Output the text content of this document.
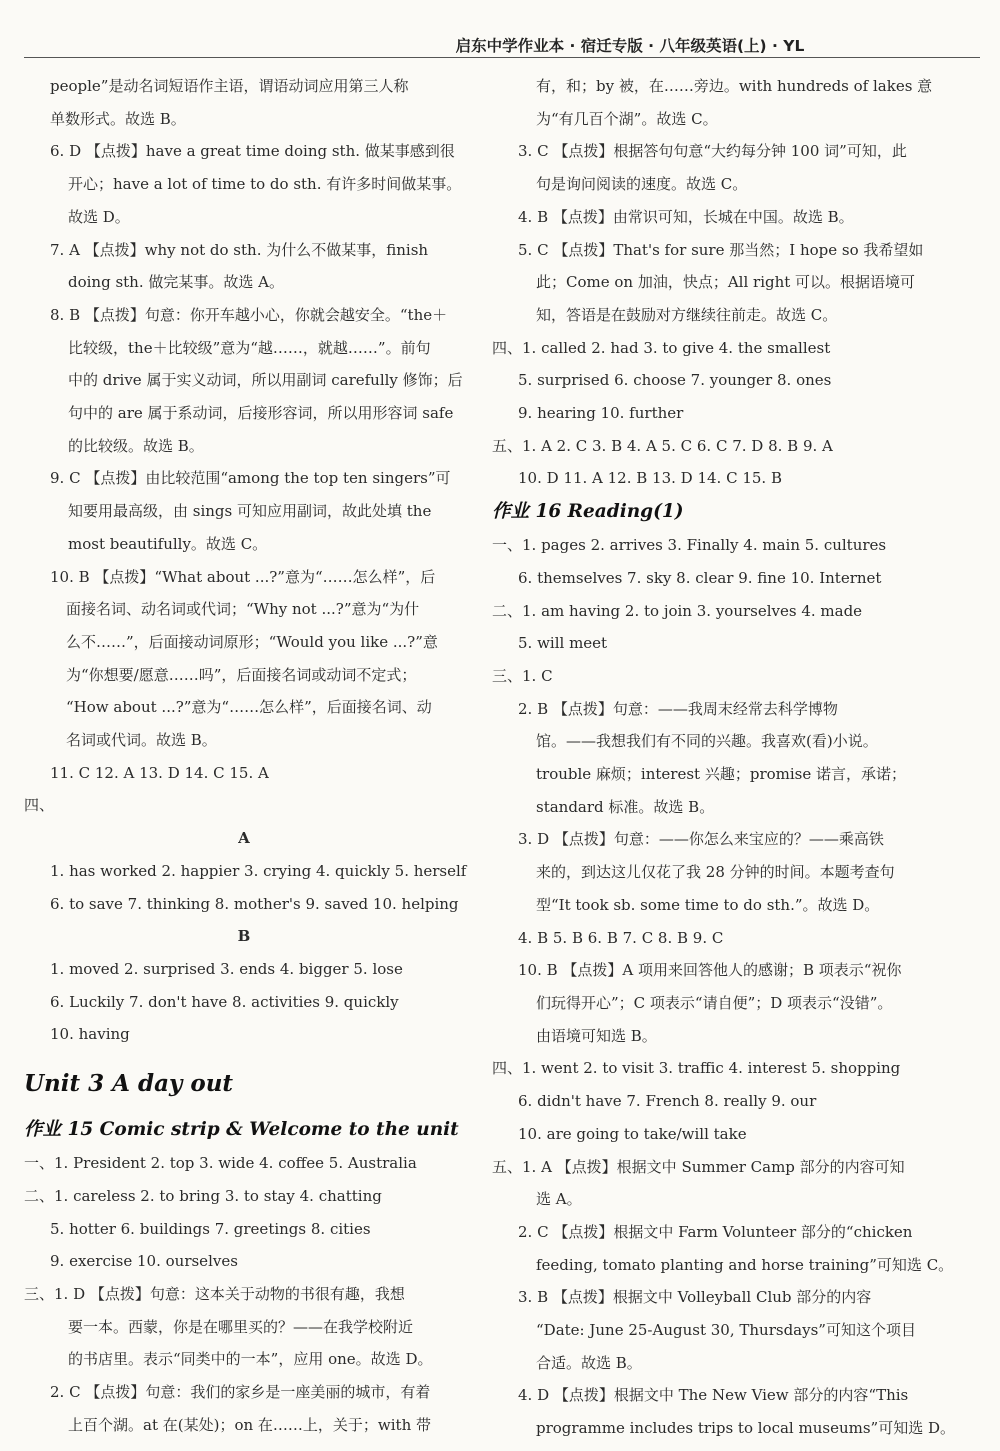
启东中学作业本 · 宿迁专版 · 八年级英语(上) · YL
people”是动名词短语作主语，谓语动词应用第三人称
单数形式。故选 B。
6. D 【点拨】have a great time doing sth. 做某事感到很
开心；have a lot of time to do sth. 有许多时间做某事。
故选 D。
7. A 【点拨】why not do sth. 为什么不做某事，finish
doing sth. 做完某事。故选 A。
8. B 【点拨】句意：你开车越小心，你就会越安全。“the＋
比较级，the＋比较级”意为“越……，就越……”。前句
中的 drive 属于实义动词，所以用副词 carefully 修饰；后
句中的 are 属于系动词，后接形容词，所以用形容词 safe
的比较级。故选 B。
9. C 【点拨】由比较范围“among the top ten singers”可
知要用最高级，由 sings 可知应用副词，故此处填 the
most beautifully。故选 C。
10. B 【点拨】“What about ...?”意为“……怎么样”，后
面接名词、动名词或代词；“Why not ...?”意为“为什
么不……”，后面接动词原形；“Would you like ...?”意
为“你想要/愿意……吗”，后面接名词或动词不定式；
“How about ...?”意为“……怎么样”，后面接名词、动
名词或代词。故选 B。
11. C 12. A 13. D 14. C 15. A
四、
A
1. has worked 2. happier 3. crying 4. quickly 5. herself
6. to save 7. thinking 8. mother's 9. saved 10. helping
B
1. moved 2. surprised 3. ends 4. bigger 5. lose
6. Luckily 7. don't have 8. activities 9. quickly
10. having
Unit 3 A day out
作业 15 Comic strip & Welcome to the unit
一、1. President 2. top 3. wide 4. coffee 5. Australia
二、1. careless 2. to bring 3. to stay 4. chatting
5. hotter 6. buildings 7. greetings 8. cities
9. exercise 10. ourselves
三、1. D 【点拨】句意：这本关于动物的书很有趣，我想
要一本。西蒙，你是在哪里买的？——在我学校附近
的书店里。表示“同类中的一本”，应用 one。故选 D。
2. C 【点拨】句意：我们的家乡是一座美丽的城市，有着
上百个湖。at 在(某处)；on 在……上，关于；with 带
有，和；by 被，在……旁边。with hundreds of lakes 意
为“有几百个湖”。故选 C。
3. C 【点拨】根据答句句意“大约每分钟 100 词”可知，此
句是询问阅读的速度。故选 C。
4. B 【点拨】由常识可知，长城在中国。故选 B。
5. C 【点拨】That's for sure 那当然；I hope so 我希望如
此；Come on 加油，快点；All right 可以。根据语境可
知，答语是在鼓励对方继续往前走。故选 C。
四、1. called 2. had 3. to give 4. the smallest
5. surprised 6. choose 7. younger 8. ones
9. hearing 10. further
五、1. A 2. C 3. B 4. A 5. C 6. C 7. D 8. B 9. A
10. D 11. A 12. B 13. D 14. C 15. B
作业 16 Reading(1)
一、1. pages 2. arrives 3. Finally 4. main 5. cultures
6. themselves 7. sky 8. clear 9. fine 10. Internet
二、1. am having 2. to join 3. yourselves 4. made
5. will meet
三、1. C
2. B 【点拨】句意：——我周末经常去科学博物
馆。——我想我们有不同的兴趣。我喜欢(看)小说。
trouble 麻烦；interest 兴趣；promise 诺言，承诺；
standard 标准。故选 B。
3. D 【点拨】句意：——你怎么来宝应的？——乘高铁
来的，到达这儿仅花了我 28 分钟的时间。本题考查句
型“It took sb. some time to do sth.”。故选 D。
4. B 5. B 6. B 7. C 8. B 9. C
10. B 【点拨】A 项用来回答他人的感谢；B 项表示“祝你
们玩得开心”；C 项表示“请自便”；D 项表示“没错”。
由语境可知选 B。
四、1. went 2. to visit 3. traffic 4. interest 5. shopping
6. didn't have 7. French 8. really 9. our
10. are going to take/will take
五、1. A 【点拨】根据文中 Summer Camp 部分的内容可知
选 A。
2. C 【点拨】根据文中 Farm Volunteer 部分的“chicken
feeding, tomato planting and horse training”可知选 C。
3. B 【点拨】根据文中 Volleyball Club 部分的内容
“Date: June 25-August 30, Thursdays”可知这个项目
合适。故选 B。
4. D 【点拨】根据文中 The New View 部分的内容“This
programme includes trips to local museums”可知选 D。
